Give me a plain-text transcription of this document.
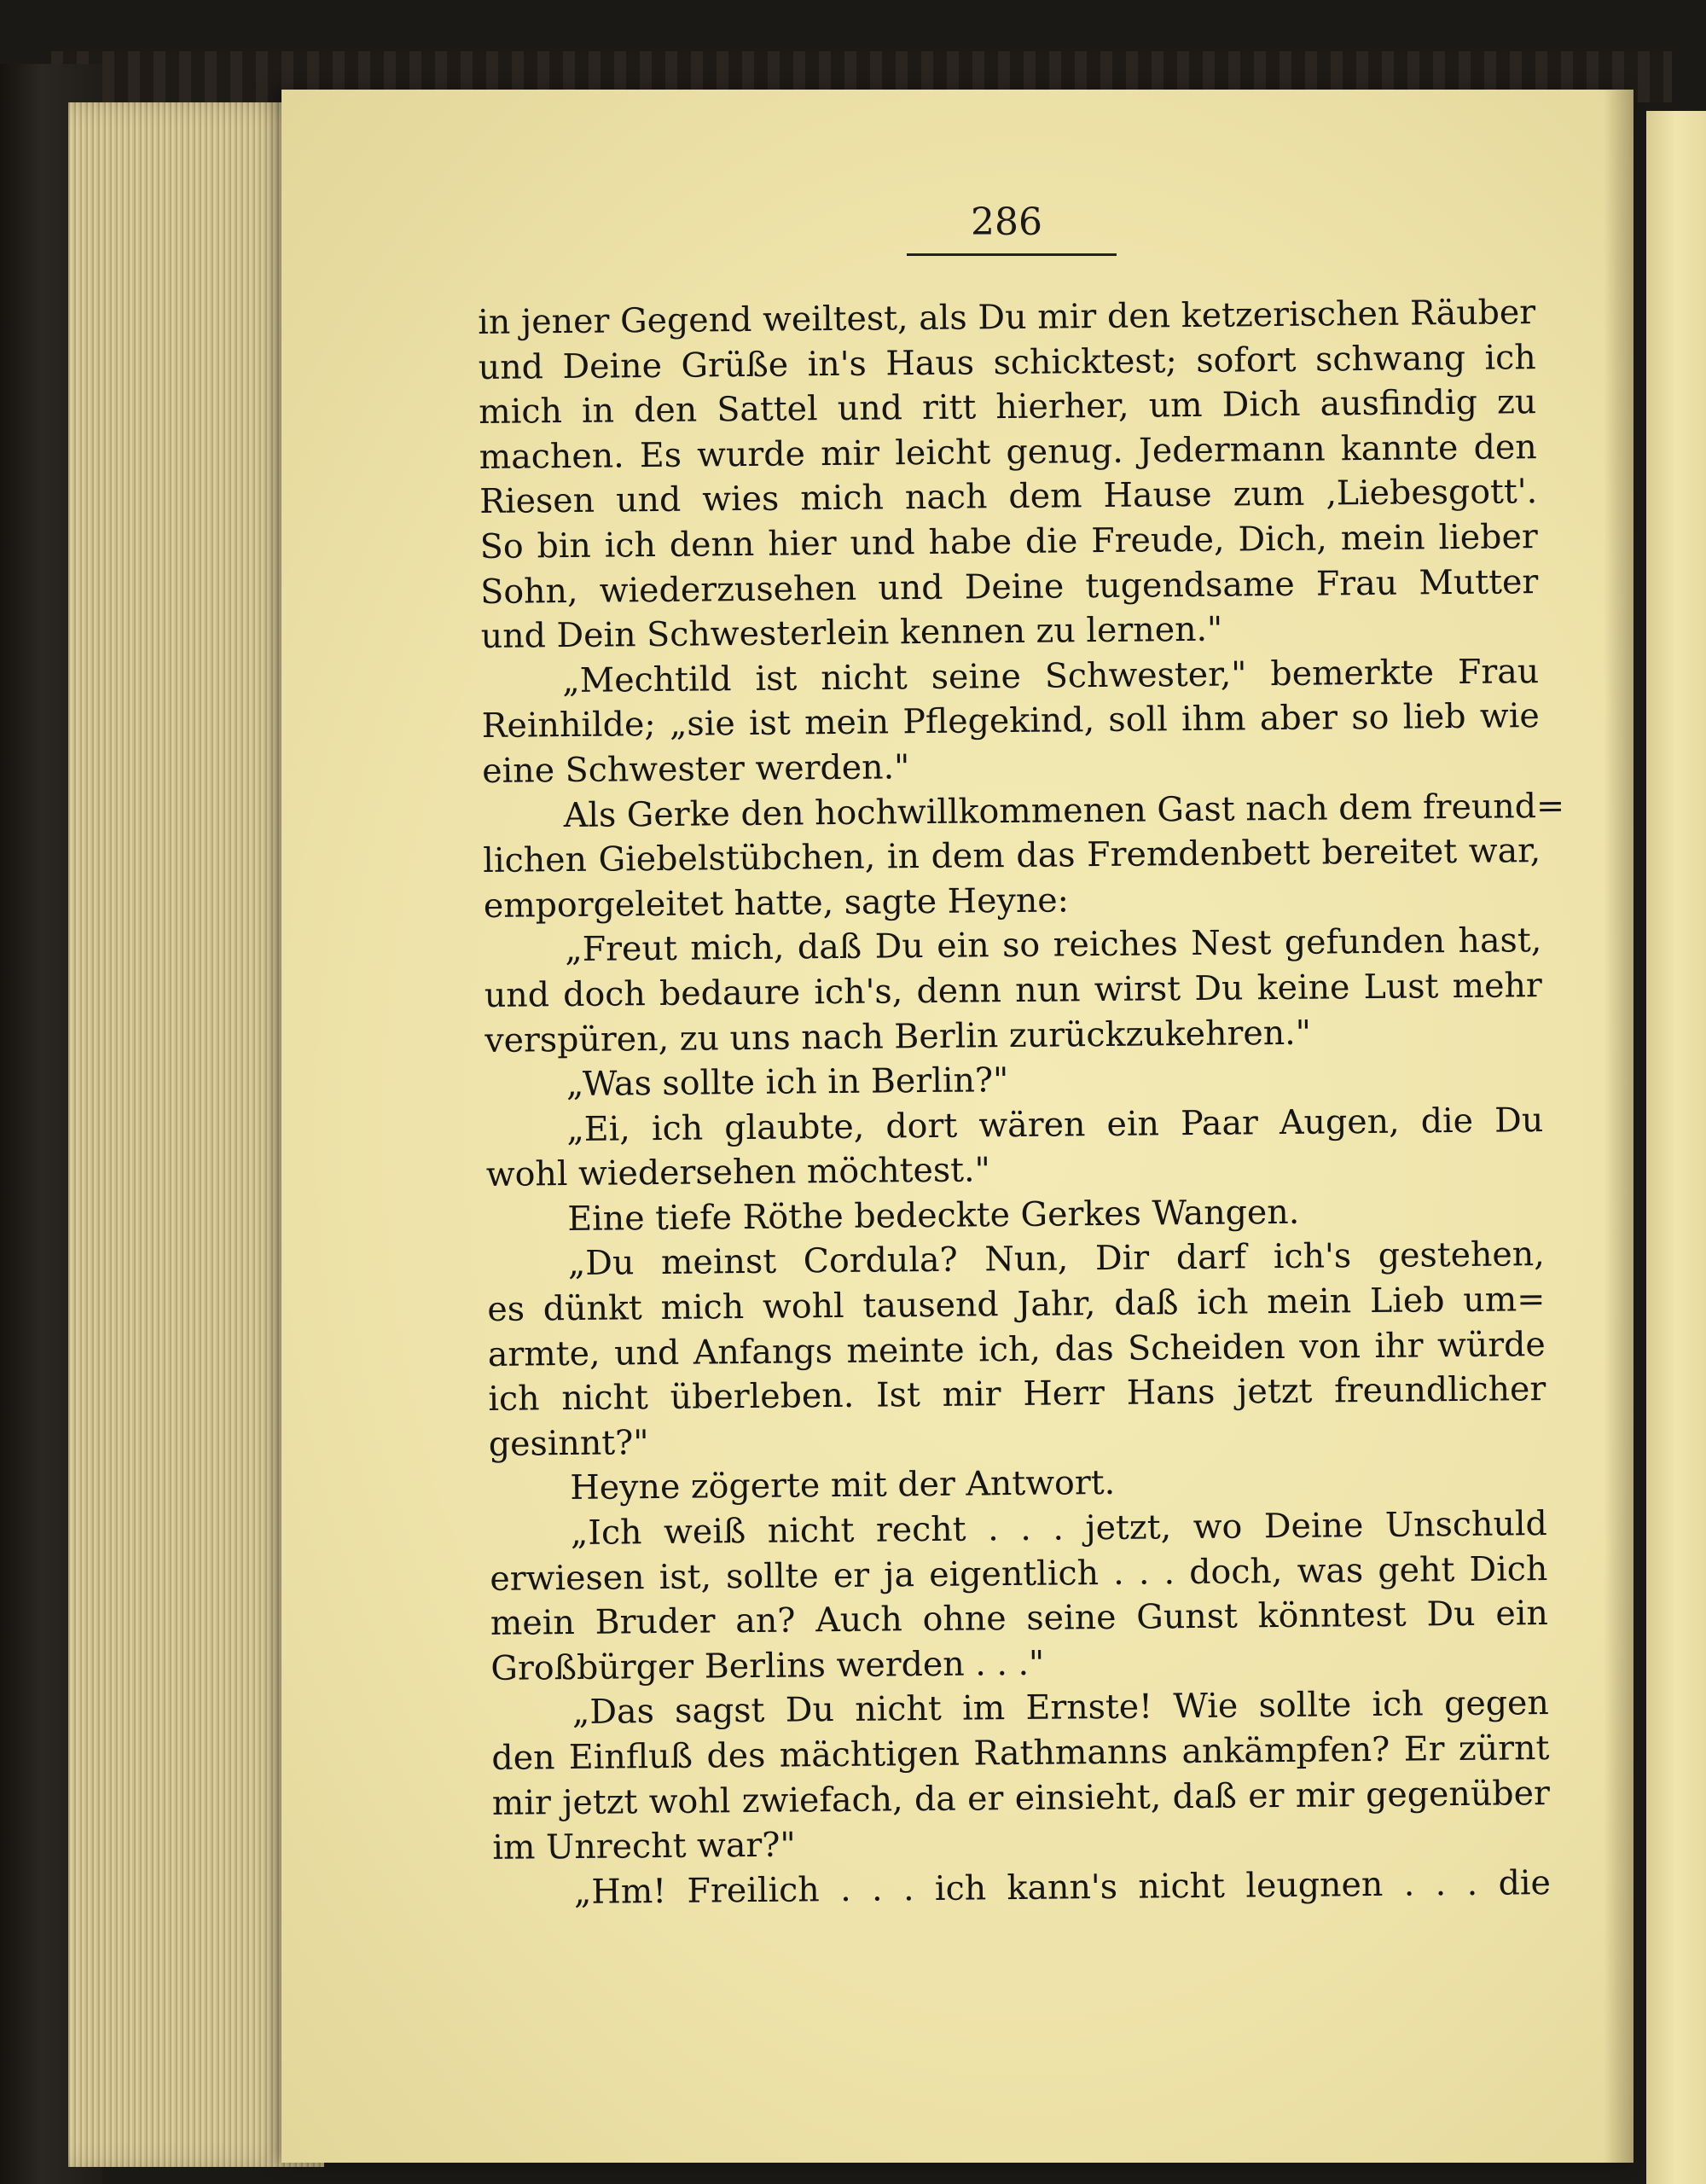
286
in jener Gegend weiltest, als Du mir den ketzerischen Räuber
und Deine Grüße in's Haus schicktest; sofort schwang ich
mich in den Sattel und ritt hierher, um Dich ausfindig zu
machen. Es wurde mir leicht genug. Jedermann kannte den
Riesen und wies mich nach dem Hause zum ‚Liebesgott'.
So bin ich denn hier und habe die Freude, Dich, mein lieber
Sohn, wiederzusehen und Deine tugendsame Frau Mutter
und Dein Schwesterlein kennen zu lernen."
„Mechtild ist nicht seine Schwester," bemerkte Frau
Reinhilde; „sie ist mein Pflegekind, soll ihm aber so lieb wie
eine Schwester werden."
Als Gerke den hochwillkommenen Gast nach dem freund=
lichen Giebelstübchen, in dem das Fremdenbett bereitet war,
emporgeleitet hatte, sagte Heyne:
„Freut mich, daß Du ein so reiches Nest gefunden hast,
und doch bedaure ich's, denn nun wirst Du keine Lust mehr
verspüren, zu uns nach Berlin zurückzukehren."
„Was sollte ich in Berlin?"
„Ei, ich glaubte, dort wären ein Paar Augen, die Du
wohl wiedersehen möchtest."
Eine tiefe Röthe bedeckte Gerkes Wangen.
„Du meinst Cordula? Nun, Dir darf ich's gestehen,
es dünkt mich wohl tausend Jahr, daß ich mein Lieb um=
armte, und Anfangs meinte ich, das Scheiden von ihr würde
ich nicht überleben. Ist mir Herr Hans jetzt freundlicher
gesinnt?"
Heyne zögerte mit der Antwort.
„Ich weiß nicht recht . . . jetzt, wo Deine Unschuld
erwiesen ist, sollte er ja eigentlich . . . doch, was geht Dich
mein Bruder an? Auch ohne seine Gunst könntest Du ein
Großbürger Berlins werden . . ."
„Das sagst Du nicht im Ernste! Wie sollte ich gegen
den Einfluß des mächtigen Rathmanns ankämpfen? Er zürnt
mir jetzt wohl zwiefach, da er einsieht, daß er mir gegenüber
im Unrecht war?"
„Hm! Freilich . . . ich kann's nicht leugnen . . . die
